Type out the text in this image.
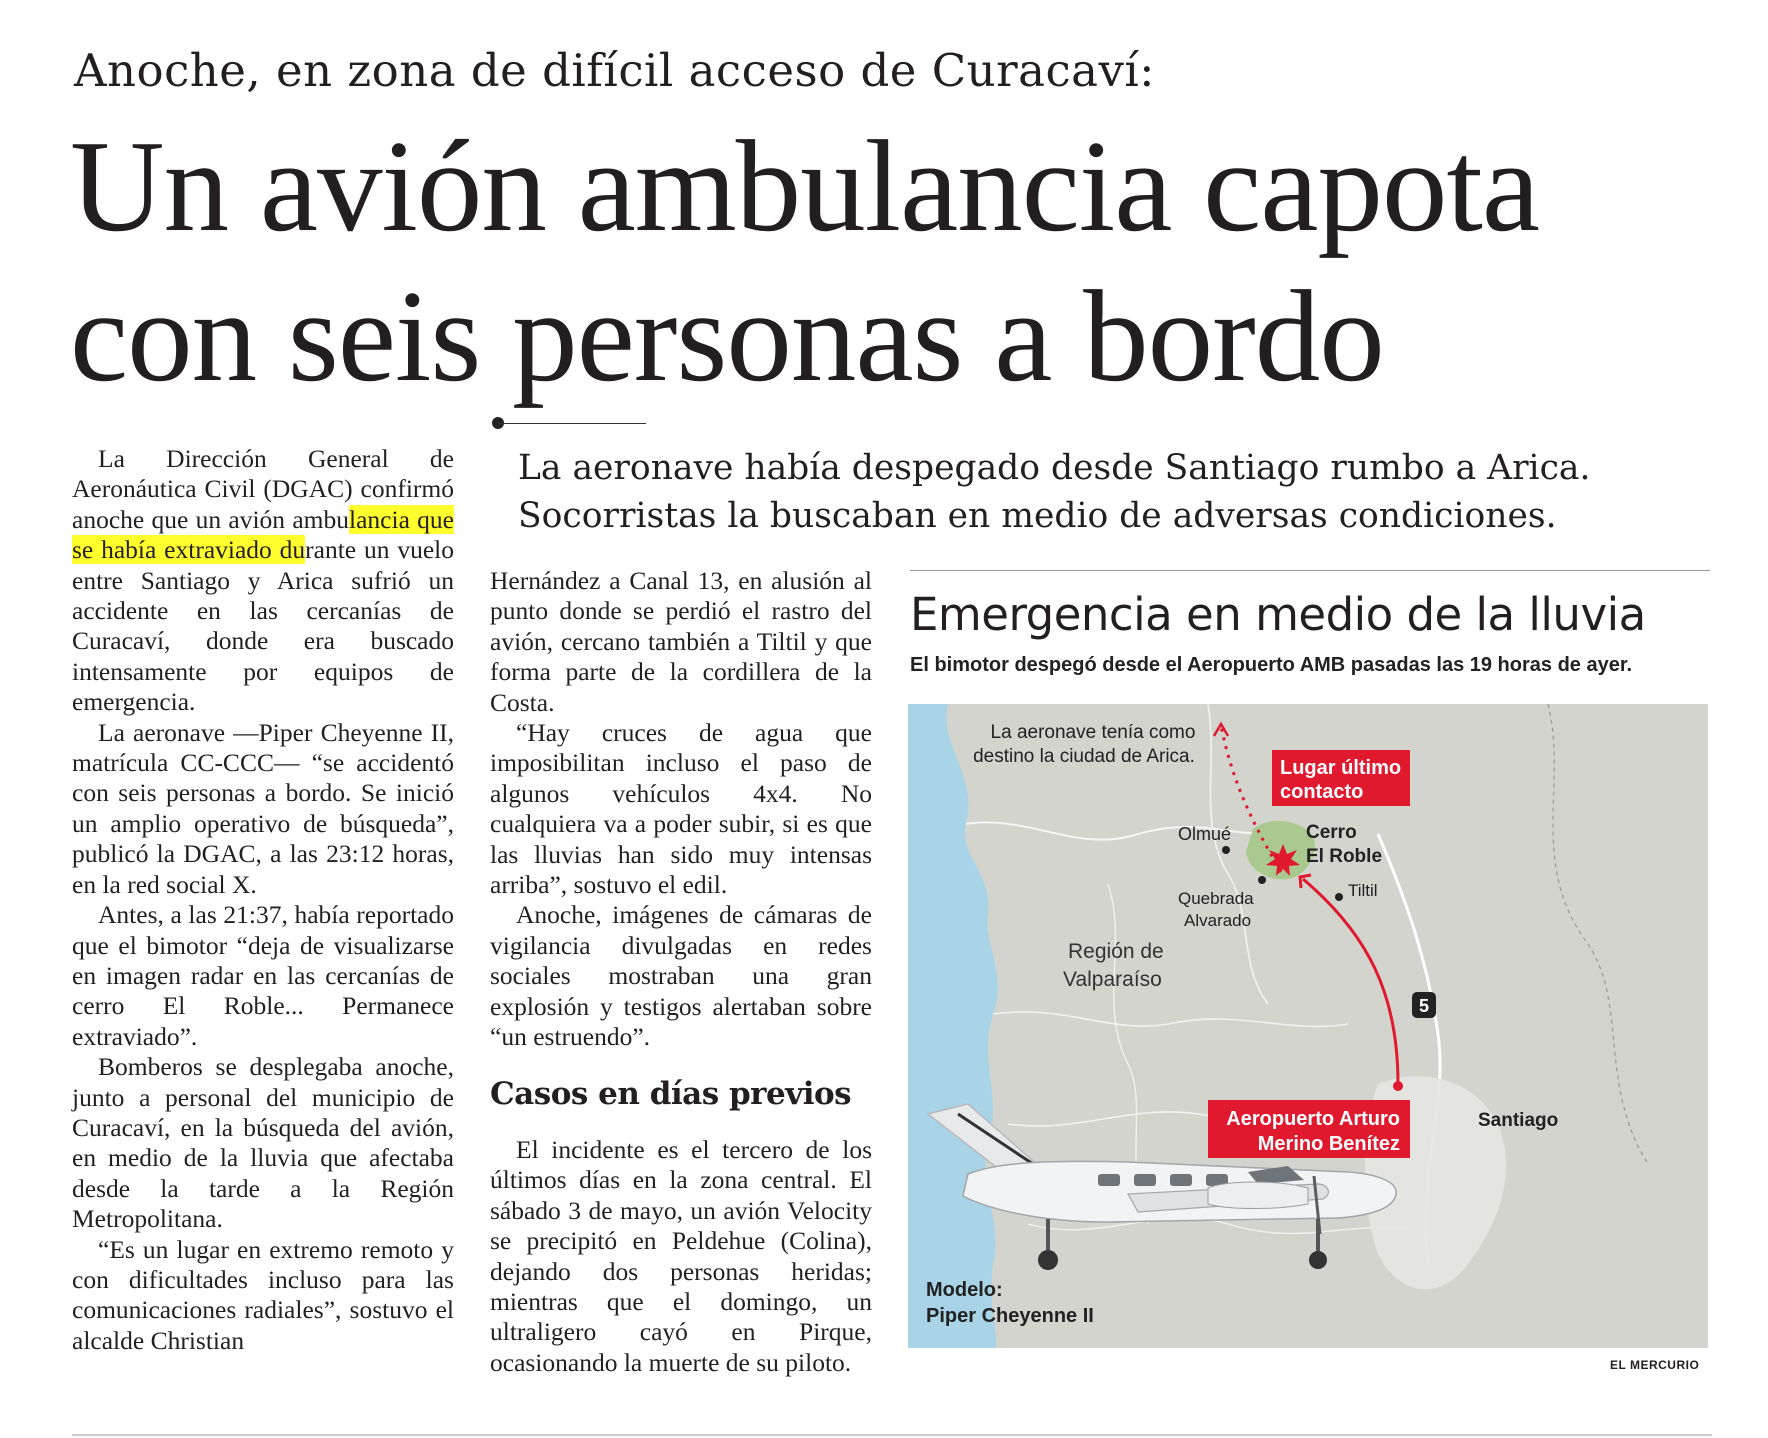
Anoche, en zona de difícil acceso de Curacaví:
Un avión ambulancia capota
con seis personas a bordo
La aeronave había despegado desde Santiago rumbo a Arica.
Socorristas la buscaban en medio de adversas condiciones.

La Dirección General de Aeronáutica Civil (DGAC) confirmó anoche que un avión ambulancia que se había extraviado durante un vuelo entre Santiago y Arica sufrió un accidente en las cercanías de Curacaví, donde era buscado intensamente por equipos de emergencia.

La aeronave —Piper Cheyenne II, matrícula CC-CCC— “se accidentó con seis personas a bordo. Se inició un amplio operativo de búsqueda”, publicó la DGAC, a las 23:12 horas, en la red social X.

Antes, a las 21:37, había reportado que el bimotor “deja de visualizarse en imagen radar en las cercanías de cerro El Roble... Permanece extraviado”.

Bomberos se desplegaba anoche, junto a personal del municipio de Curacaví, en la búsqueda del avión, en medio de la lluvia que afectaba desde la tarde a la Región Metropolitana.

“Es un lugar en extremo remoto y con dificultades incluso para las comunicaciones radiales”, sostuvo el alcalde Christian

Hernández a Canal 13, en alusión al punto donde se perdió el rastro del avión, cercano también a Tiltil y que forma parte de la cordillera de la Costa.

“Hay cruces de agua que imposibilitan incluso el paso de algunos vehículos 4x4. No cualquiera va a poder subir, si es que las lluvias han sido muy intensas arriba”, sostuvo el edil.

Anoche, imágenes de cámaras de vigilancia divulgadas en redes sociales mostraban una gran explosión y testigos alertaban sobre “un estruendo”.

Casos en días previos

El incidente es el tercero de los últimos días en la zona central. El sábado 3 de mayo, un avión Velocity se precipitó en Peldehue (Colina), dejando dos personas heridas; mientras que el domingo, un ultraligero cayó en Pirque, ocasionando la muerte de su piloto.

Emergencia en medio de la lluvia
El bimotor despegó desde el Aeropuerto AMB pasadas las 19 horas de ayer.
La aeronave tenía como
destino la ciudad de Arica.
Lugar último
contacto
Olmué	Cerro
El Roble
Quebrada
Alvarado
Tiltil
Región de
Valparaíso
5
Aeropuerto Arturo
Merino Benítez
Santiago
Modelo:
Piper Cheyenne II
EL MERCURIO
